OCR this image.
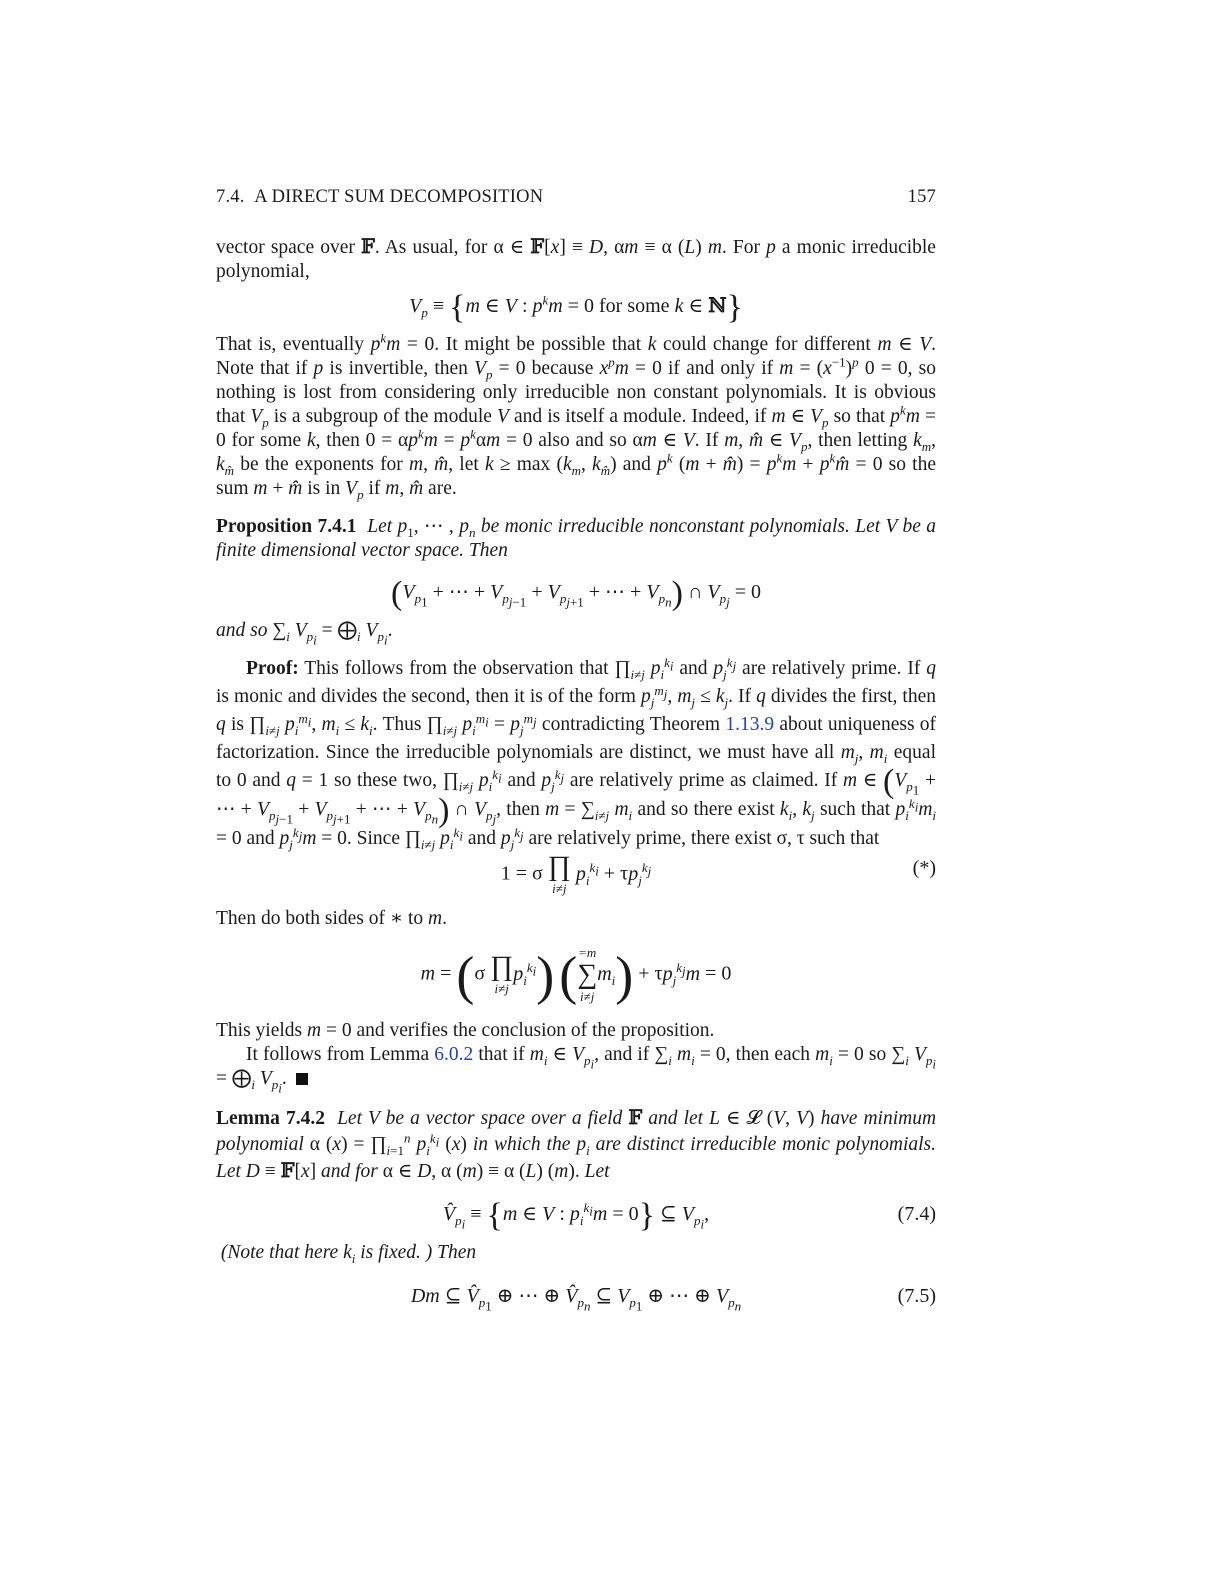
7.4. A DIRECT SUM DECOMPOSITION	157

vector space over 𝔽. As usual, for α ∈ 𝔽[x] ≡ D, αm ≡ α (L) m. For p a monic irreducible polynomial,

$V_p \equiv \{m$ ∈ V : $p^km = 0$ for some k ∈ ℕ}

That is, eventually $p^km = 0$. It might be possible that k could change for different m ∈ V. Note that if p is invertible, then $V_p = 0$ because $x^pm = 0$ if and only if $m = (x^{-1})^p$ 0 = 0, so nothing is lost from considering only irreducible non constant polynomials. It is obvious that $V_p$ is a subgroup of the module V and is itself a module. Indeed, if m ∈ $V_p$ so that $p^km = 0$ for some k, then $0 = \alpha p^km = p^k\alpha m = 0$ also and so αm ∈ V. If m, m̂ ∈ $V_p$, then letting $k_m$, $k_{m̂}$ be the exponents for m, m̂, let $k \ge \max (k_m$, $k_{m̂}$) and $p^k$ (m + m̂) = $p^km$ + $p^km̂ = 0$ so the sum m + m̂ is in $V_p$ if m, m̂ are.

Proposition 7.4.1 Let $p_1$, ⋯ , $p_n$ be monic irreducible nonconstant polynomials. Let V be a finite dimensional vector space. Then

($V_{p_1}$ + ⋯ + $V_{p_{j-1}} + V_{p_{j+1}}$ + ⋯ + $V_{p_n}$) ∩ $V_{p_j} = 0$

and so $\sum_i$ $V_{p_i}$ = $⨁_i$ $V_{p_i}$.

Proof: This follows from the observation that $\prod_{i\ne j}$ $p_i^{k_i}$ and $p_j^{k_j}$ are relatively prime. If q is monic and divides the second, then it is of the form $p_j^{m_j}$, $m_j \le k_j$. If q divides the first, then q is $\prod_{i\ne j}$ $p_i^{m_i}$, $m_i \le k_i$. Thus $\prod_{i\ne j}$ $p_i^{m_i} = p_j^{m_j}$ contradicting Theorem 1.13.9 about uniqueness of factorization. Since the irreducible polynomials are distinct, we must have all $m_j$, $m_i$ equal to 0 and q = 1 so these two, $\prod_{i\ne j}$ $p_i^{k_i}$ and $p_j^{k_j}$ are relatively prime as claimed. If m ∈ ($V_{p_1}$ + ⋯ + $V_{p_{j-1}} + V_{p_{j+1}}$ + ⋯ + $V_{p_n}$) ∩ $V_{p_j}$, then $m = \sum_{i\ne j}$ $m_i$ and so there exist $k_i$, $k_j$ such that $p_i^{k_i}m_i = 0$ and $p_j^{k_j}m = 0$. Since $\prod_{i\ne j}$ $p_i^{k_i}$ and $p_j^{k_j}$ are relatively prime, there exist σ, τ such that

1 = σ ∏
i≠j
$p_i^{k_i} + \tau p_j^{k_j}$	(*)

Then do both sides of ∗ to m.

m = (σ ∏
i≠j
$p_i^{k_i}$) ( =m
∑
i≠j
$m_i) + \tau p_j^{k_j}m = 0$

This yields m = 0 and verifies the conclusion of the proposition.

It follows from Lemma 6.0.2 that if $m_i$ ∈ $V_{p_i}$, and if $\sum_i$ $m_i = 0$, then each $m_i = 0$ so $\sum_i$ $V_{p_i}$ = $⨁_i$ $V_{p_i}$.

Lemma 7.4.2 Let V be a vector space over a field 𝔽 and let L ∈ 𝓛 (V, V) have minimum polynomial α $(x) = \prod_{i=1}^n$ $p_i^{k_i}$ (x) in which the $p_i$ are distinct irreducible monic polynomials. Let D ≡ 𝔽[x] and for α ∈ D, α (m) ≡ α (L) (m). Let

$V̂_{p_i} \equiv \{m$ ∈ V : $p_i^{k_i}m = 0$} ⊆ $V_{p_i}$,	(7.4)

(Note that here $k_i$ is fixed. ) Then

Dm ⊆ $V̂_{p_1}$ ⊕ ⋯ ⊕ $V̂_{p_n}$ ⊆ $V_{p_1}$ ⊕ ⋯ ⊕ $V_{p_n}$	(7.5)
